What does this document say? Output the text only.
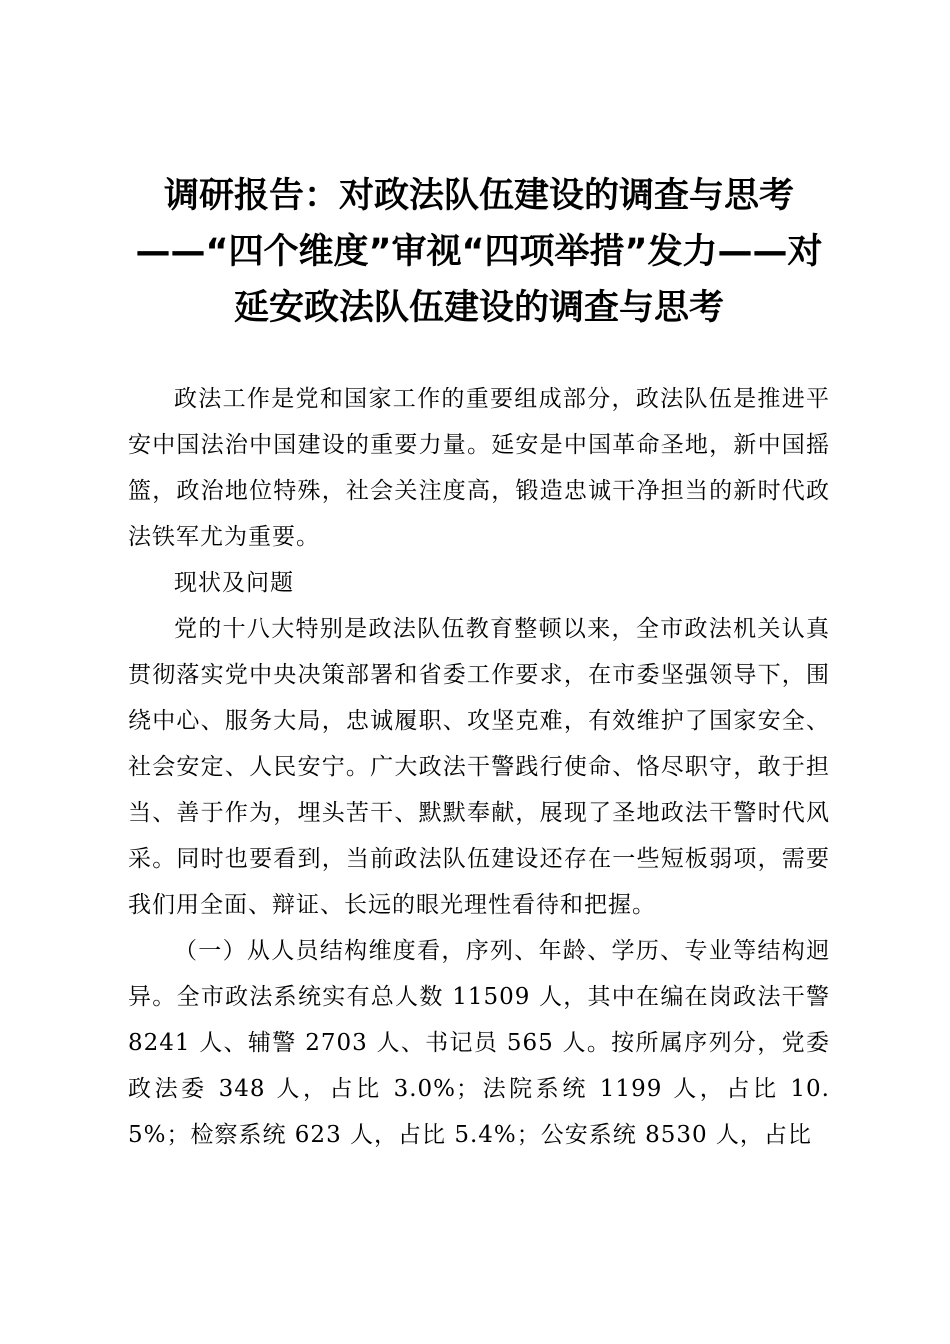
调研报告：对政法队伍建设的调查与思考——“四个维度”审视“四项举措”发力——对延安政法队伍建设的调查与思考

政法工作是党和国家工作的重要组成部分，政法队伍是推进平安中国法治中国建设的重要力量。延安是中国革命圣地，新中国摇篮，政治地位特殊，社会关注度高，锻造忠诚干净担当的新时代政法铁军尤为重要。

现状及问题

党的十八大特别是政法队伍教育整顿以来，全市政法机关认真贯彻落实党中央决策部署和省委工作要求，在市委坚强领导下，围绕中心、服务大局，忠诚履职、攻坚克难，有效维护了国家安全、社会安定、人民安宁。广大政法干警践行使命、恪尽职守，敢于担当、善于作为，埋头苦干、默默奉献，展现了圣地政法干警时代风采。同时也要看到，当前政法队伍建设还存在一些短板弱项，需要我们用全面、辩证、长远的眼光理性看待和把握。

（一）从人员结构维度看，序列、年龄、学历、专业等结构迥异。全市政法系统实有总人数 11509 人，其中在编在岗政法干警 8241 人、辅警 2703 人、书记员 565 人。按所属序列分，党委政法委 348 人，占比 3.0%；法院系统 1199 人，占比 10.5%；检察系统 623 人，占比 5.4%；公安系统 8530 人，占比
